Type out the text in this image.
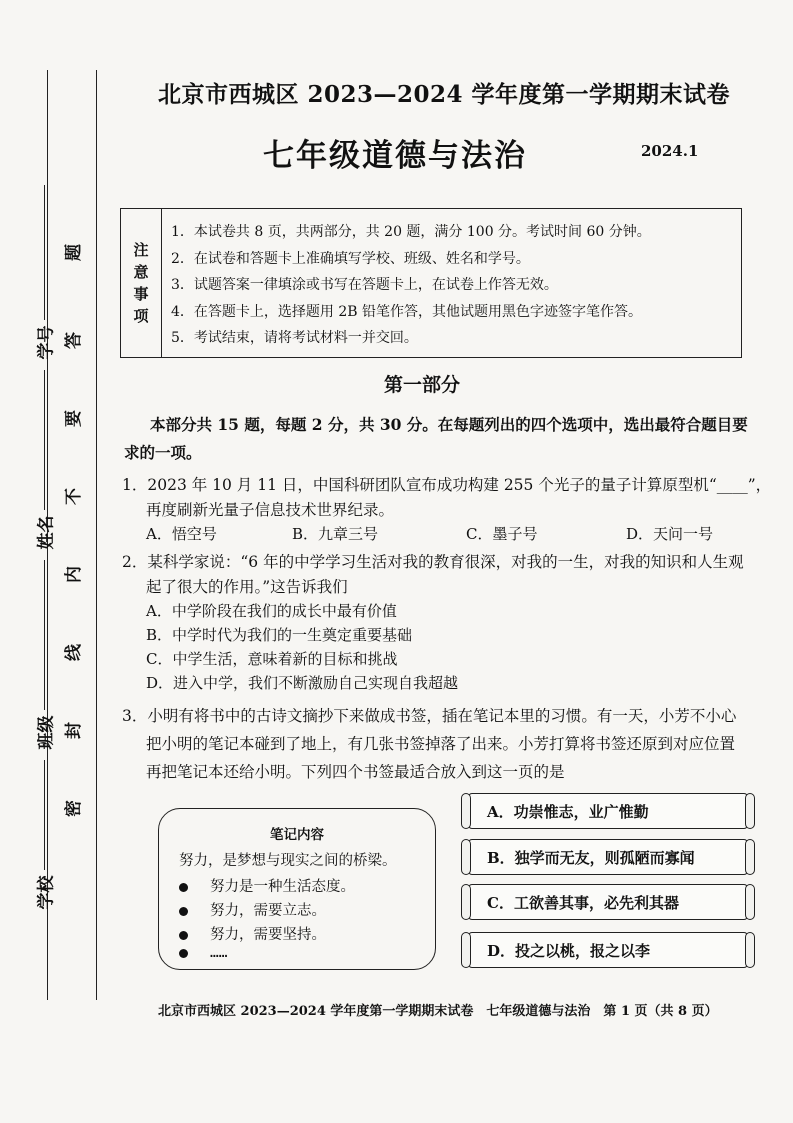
学校
班级
姓名
学号
密
封
线
内
不
要
答
题
北京市西城区 2023—2024 学年度第一学期期末试卷
七年级道德与法治	2024.1
注
意
事
项
1．本试卷共 8 页，共两部分，共 20 题，满分 100 分。考试时间 60 分钟。
2．在试卷和答题卡上准确填写学校、班级、姓名和学号。
3．试题答案一律填涂或书写在答题卡上，在试卷上作答无效。
4．在答题卡上，选择题用 2B 铅笔作答，其他试题用黑色字迹签字笔作答。
5．考试结束，请将考试材料一并交回。
第一部分
本部分共 15 题，每题 2 分，共 30 分。在每题列出的四个选项中，选出最符合题目要
求的一项。
1．2023 年 10 月 11 日，中国科研团队宣布成功构建 255 个光子的量子计算原型机“____”，
再度刷新光量子信息技术世界纪录。
A．悟空号	B．九章三号	C．墨子号	D．天问一号
2．某科学家说：“6 年的中学学习生活对我的教育很深，对我的一生，对我的知识和人生观
起了很大的作用。”这告诉我们
A．中学阶段在我们的成长中最有价值
B．中学时代为我们的一生奠定重要基础
C．中学生活，意味着新的目标和挑战
D．进入中学，我们不断激励自己实现自我超越
3．小明有将书中的古诗文摘抄下来做成书签，插在笔记本里的习惯。有一天，小芳不小心
把小明的笔记本碰到了地上，有几张书签掉落了出来。小芳打算将书签还原到对应位置
再把笔记本还给小明。下列四个书签最适合放入到这一页的是
笔记内容
努力，是梦想与现实之间的桥梁。
努力是一种生活态度。
努力，需要立志。
努力，需要坚持。
……
A．功崇惟志，业广惟勤
B．独学而无友，则孤陋而寡闻
C．工欲善其事，必先利其器
D．投之以桃，报之以李
北京市西城区 2023—2024 学年度第一学期期末试卷　七年级道德与法治　第 1 页（共 8 页）
